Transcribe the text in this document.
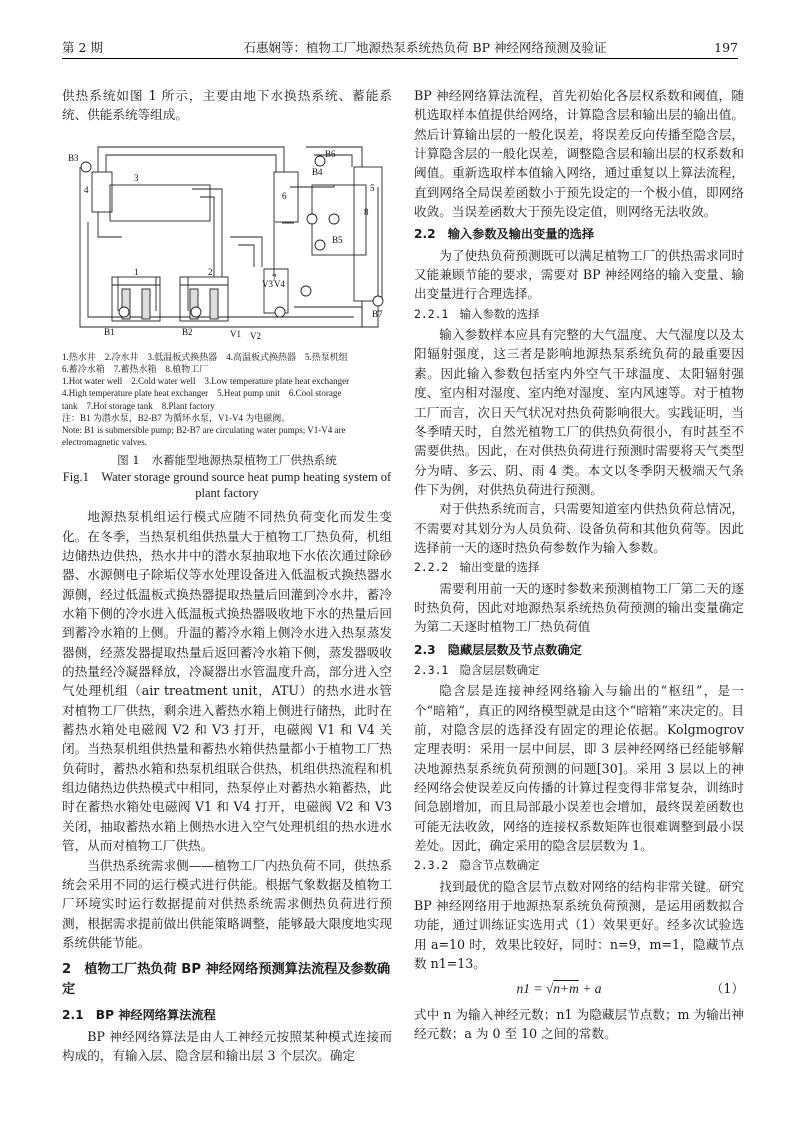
第 2 期	石惠娴等：植物工厂地源热泵系统热负荷 BP 神经网络预测及验证	197

供热系统如图 1 所示，主要由地下水换热系统、蓄能系统、供能系统等组成。

B3
B4
B6
B5
B7
B1	B2	V1 V2
V3 V4
1	2
3
4	5
6
7
8
1.热水井　2.冷水井　3.低温板式换热器　4.高温板式换热器　5.热泵机组
6.蓄冷水箱　7.蓄热水箱　8.植物工厂
1.Hot water well　2.Cold water well　3.Low temperature plate heat exchanger
4.High temperature plate heat exchanger　5.Heat pump unit　6.Cool storage
tank　7.Hot storage tank　8.Plant factory
注：B1 为潜水泵，B2-B7 为循环水泵，V1-V4 为电磁阀。
Note: B1 is submersible pump; B2-B7 are circulating water pumps; V1-V4 are electromagnetic valves.
图 1　水蓄能型地源热泵植物工厂供热系统
Fig.1　Water storage ground source heat pump heating system of plant factory

地源热泵机组运行模式应随不同热负荷变化而发生变化。在冬季，当热泵机组供热量大于植物工厂热负荷，机组边储热边供热，热水井中的潜水泵抽取地下水依次通过除砂器、水源侧电子除垢仪等水处理设备进入低温板式换热器水源侧，经过低温板式换热器提取热量后回灌到冷水井，蓄冷水箱下侧的冷水进入低温板式换热器吸收地下水的热量后回到蓄冷水箱的上侧。升温的蓄冷水箱上侧冷水进入热泵蒸发器侧，经蒸发器提取热量后返回蓄冷水箱下侧，蒸发器吸收的热量经冷凝器释放，冷凝器出水管温度升高，部分进入空气处理机组（air treatment unit，ATU）的热水进水管对植物工厂供热，剩余进入蓄热水箱上侧进行储热，此时在蓄热水箱处电磁阀 V2 和 V3 打开，电磁阀 V1 和 V4 关闭。当热泵机组供热量和蓄热水箱供热量都小于植物工厂热负荷时，蓄热水箱和热泵机组联合供热，机组供热流程和机组边储热边供热模式中相同，热泵停止对蓄热水箱蓄热，此时在蓄热水箱处电磁阀 V1 和 V4 打开，电磁阀 V2 和 V3 关闭，抽取蓄热水箱上侧热水进入空气处理机组的热水进水管，从而对植物工厂供热。

当供热系统需求侧——植物工厂内热负荷不同，供热系统会采用不同的运行模式进行供能。根据气象数据及植物工厂环境实时运行数据提前对供热系统需求侧热负荷进行预测，根据需求提前做出供能策略调整，能够最大限度地实现系统供能节能。

2　植物工厂热负荷 BP 神经网络预测算法流程及参数确定
2.1　BP 神经网络算法流程

BP 神经网络算法是由人工神经元按照某种模式连接而构成的，有输入层、隐含层和输出层 3 个层次。确定

BP 神经网络算法流程，首先初始化各层权系数和阈值，随机选取样本值提供给网络，计算隐含层和输出层的输出值。然后计算输出层的一般化误差，将误差反向传播至隐含层，计算隐含层的一般化误差，调整隐含层和输出层的权系数和阈值。重新选取样本值输入网络，通过重复以上算法流程，直到网络全局误差函数小于预先设定的一个极小值，即网络收敛。当误差函数大于预先设定值，则网络无法收敛。

2.2　输入参数及输出变量的选择

为了使热负荷预测既可以满足植物工厂的供热需求同时又能兼顾节能的要求，需要对 BP 神经网络的输入变量、输出变量进行合理选择。

2.2.1　输入参数的选择

输入参数样本应具有完整的大气温度、大气湿度以及太阳辐射强度，这三者是影响地源热泵系统负荷的最重要因素。因此输入参数包括室内外空气干球温度、太阳辐射强度、室内相对湿度、室内绝对湿度、室内风速等。对于植物工厂而言，次日天气状况对热负荷影响很大。实践证明，当冬季晴天时，自然光植物工厂的供热负荷很小，有时甚至不需要供热。因此，在对供热负荷进行预测时需要将天气类型分为晴、多云、阴、雨 4 类。本文以冬季阴天极端天气条件下为例，对供热负荷进行预测。

对于供热系统而言，只需要知道室内供热负荷总情况，不需要对其划分为人员负荷、设备负荷和其他负荷等。因此选择前一天的逐时热负荷参数作为输入参数。

2.2.2　输出变量的选择

需要利用前一天的逐时参数来预测植物工厂第二天的逐时热负荷，因此对地源热泵系统热负荷预测的输出变量确定为第二天逐时植物工厂热负荷值

2.3　隐藏层层数及节点数确定
2.3.1　隐含层层数确定

隐含层是连接神经网络输入与输出的“枢纽”，是一个“暗箱”，真正的网络模型就是由这个“暗箱”来决定的。目前，对隐含层的选择没有固定的理论依据。Kolgmogrov 定理表明：采用一层中间层，即 3 层神经网络已经能够解决地源热泵系统负荷预测的问题[30]。采用 3 层以上的神经网络会使误差反向传播的计算过程变得非常复杂，训练时间急剧增加，而且局部最小误差也会增加，最终误差函数也可能无法收敛，网络的连接权系数矩阵也很难调整到最小误差处。因此，确定采用的隐含层层数为 1。

2.3.2　隐含节点数确定

找到最优的隐含层节点数对网络的结构非常关键。研究 BP 神经网络用于地源热泵系统负荷预测，是运用函数拟合功能，通过训练证实选用式（1）效果更好。经多次试验选用 a=10 时，效果比较好，同时：n=9，m=1，隐藏节点数 n1=13。

n1 = √n+m + a	（1）

式中 n 为输入神经元数；n1 为隐藏层节点数；m 为输出神经元数；a 为 0 至 10 之间的常数。
